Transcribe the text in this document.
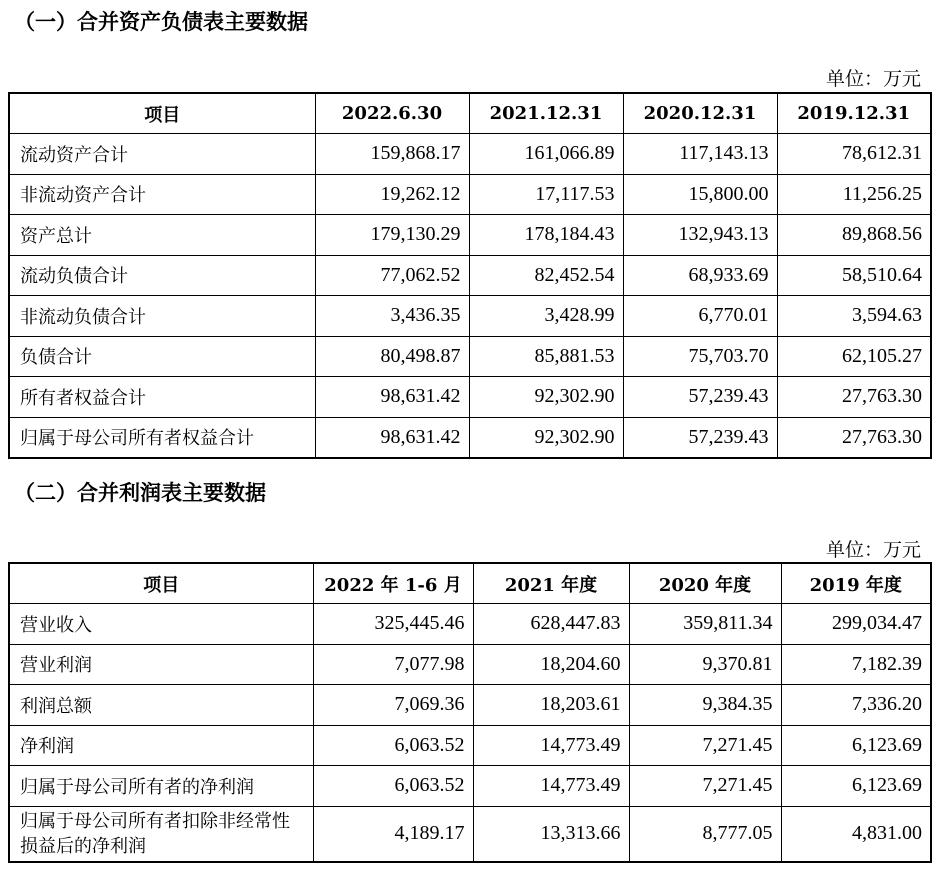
（一）合并资产负债表主要数据
单位：万元
项目	2022.6.30	2021.12.31	2020.12.31	2019.12.31
流动资产合计	159,868.17	161,066.89	117,143.13	78,612.31
非流动资产合计	19,262.12	17,117.53	15,800.00	11,256.25
资产总计	179,130.29	178,184.43	132,943.13	89,868.56
流动负债合计	77,062.52	82,452.54	68,933.69	58,510.64
非流动负债合计	3,436.35	3,428.99	6,770.01	3,594.63
负债合计	80,498.87	85,881.53	75,703.70	62,105.27
所有者权益合计	98,631.42	92,302.90	57,239.43	27,763.30
归属于母公司所有者权益合计	98,631.42	92,302.90	57,239.43	27,763.30
（二）合并利润表主要数据
单位：万元
项目	2022 年 1-6 月	2021 年度	2020 年度	2019 年度
营业收入	325,445.46	628,447.83	359,811.34	299,034.47
营业利润	7,077.98	18,204.60	9,370.81	7,182.39
利润总额	7,069.36	18,203.61	9,384.35	7,336.20
净利润	6,063.52	14,773.49	7,271.45	6,123.69
归属于母公司所有者的净利润	6,063.52	14,773.49	7,271.45	6,123.69
归属于母公司所有者扣除非经常性损益后的净利润	4,189.17	13,313.66	8,777.05	4,831.00
